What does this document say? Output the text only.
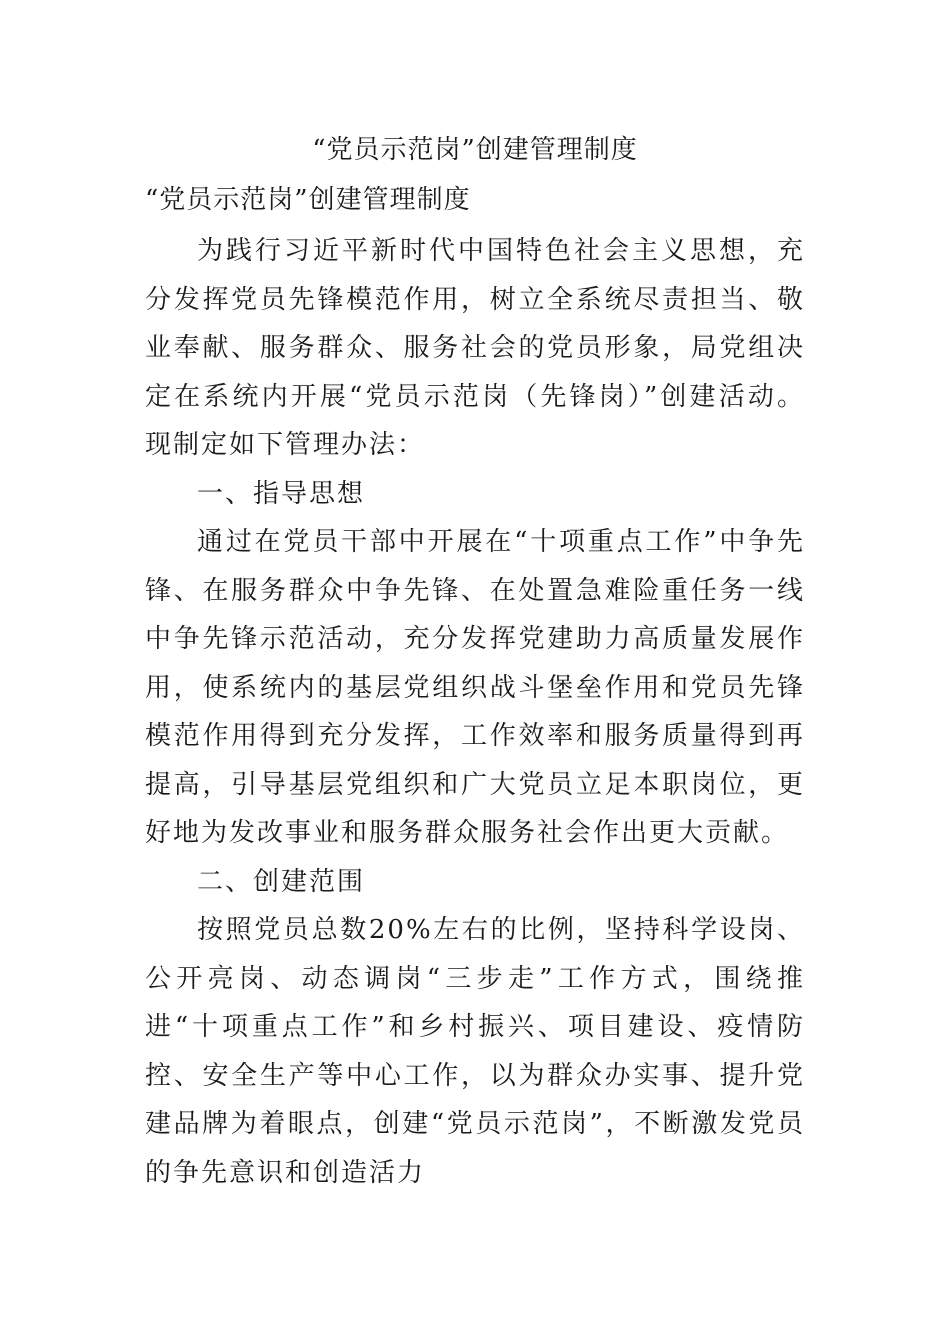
“党员示范岗”创建管理制度
“党员示范岗”创建管理制度

为践行习近平新时代中国特色社会主义思想，充分发挥党员先锋模范作用，树立全系统尽责担当、敬业奉献、服务群众、服务社会的党员形象，局党组决定在系统内开展“党员示范岗（先锋岗）”创建活动。现制定如下管理办法：

一、指导思想

通过在党员干部中开展在“十项重点工作”中争先锋、在服务群众中争先锋、在处置急难险重任务一线中争先锋示范活动，充分发挥党建助力高质量发展作用，使系统内的基层党组织战斗堡垒作用和党员先锋模范作用得到充分发挥，工作效率和服务质量得到再提高，引导基层党组织和广大党员立足本职岗位，更好地为发改事业和服务群众服务社会作出更大贡献。

二、创建范围

按照党员总数20%左右的比例，坚持科学设岗、公开亮岗、动态调岗“三步走”工作方式，围绕推进“十项重点工作”和乡村振兴、项目建设、疫情防控、安全生产等中心工作，以为群众办实事、提升党建品牌为着眼点，创建“党员示范岗”，不断激发党员的争先意识和创造活力
